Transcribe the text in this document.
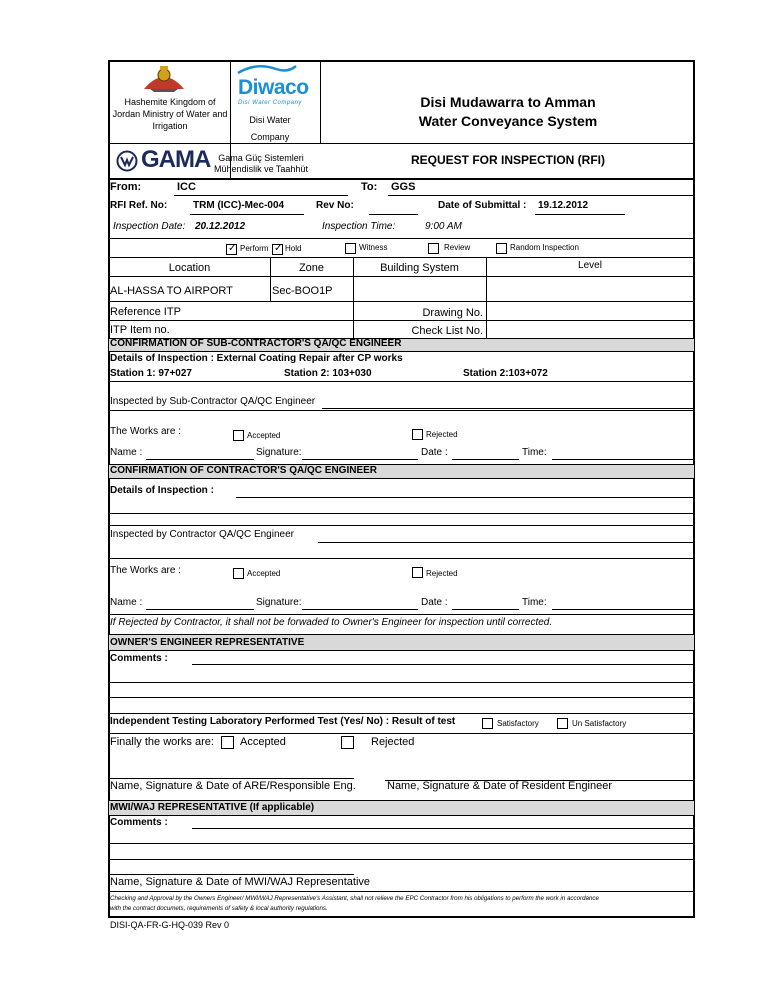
Hashemite Kingdom of Jordan Ministry of Water and Irrigation
Diwaco
Disi Water Company
Disi Water Company
Disi Mudawarra to Amman
Water Conveyance System
GAMA Gama Güç Sistemleri Mühendislik ve Taahhüt
REQUEST FOR INSPECTION (RFI)
From:	ICC	To: GGS
RFI Ref. No:	TRM (ICC)-Mec-004	Rev No:	Date of Submittal : 19.12.2012
Inspection Date: 20.12.2012	Inspection Time:	9:00 AM
✓
Perform
✓ Hold	Witness	Review	Random Inspection
Location	Zone	Building System	Level
AL-HASSA TO AIRPORT	Sec-BOO1P
Reference ITP	Drawing No.
ITP Item no.	Check List No.
CONFIRMATION OF SUB-CONTRACTOR'S QA/QC ENGINEER
Details of Inspection : External Coating Repair after CP works
Station 1: 97+027	Station 2: 103+030	Station 2:103+072
Inspected by Sub-Contractor QA/QC Engineer
The Works are :	Accepted	Rejected
Name :	Signature:	Date :	Time:
CONFIRMATION OF CONTRACTOR'S QA/QC ENGINEER
Details of Inspection :
Inspected by Contractor QA/QC Engineer
The Works are :	Accepted	Rejected
Name :	Signature:	Date :	Time:
If Rejected by Contractor, it shall not be forwaded to Owner's Engineer for inspection until corrected.
OWNER'S ENGINEER REPRESENTATIVE
Comments :
Independent Testing Laboratory Performed Test (Yes/ No) : Result of test	Satisfactory	Un Satisfactory
Finally the works are: Accepted	Rejected
Name, Signature & Date of ARE/Responsible Eng.	Name, Signature & Date of Resident Engineer
MWI/WAJ REPRESENTATIVE (If applicable)
Comments :
Name, Signature & Date of MWI/WAJ Representative
Checking and Approval by the Owners Engineer/ MWI/WAJ Representative's Assistant, shall not relieve the EPC Contractor from his obligations to perform the work in accordance
with the contract documets, requirements of safety & local authority regulations.
DISI-QA-FR-G-HQ-039 Rev 0
